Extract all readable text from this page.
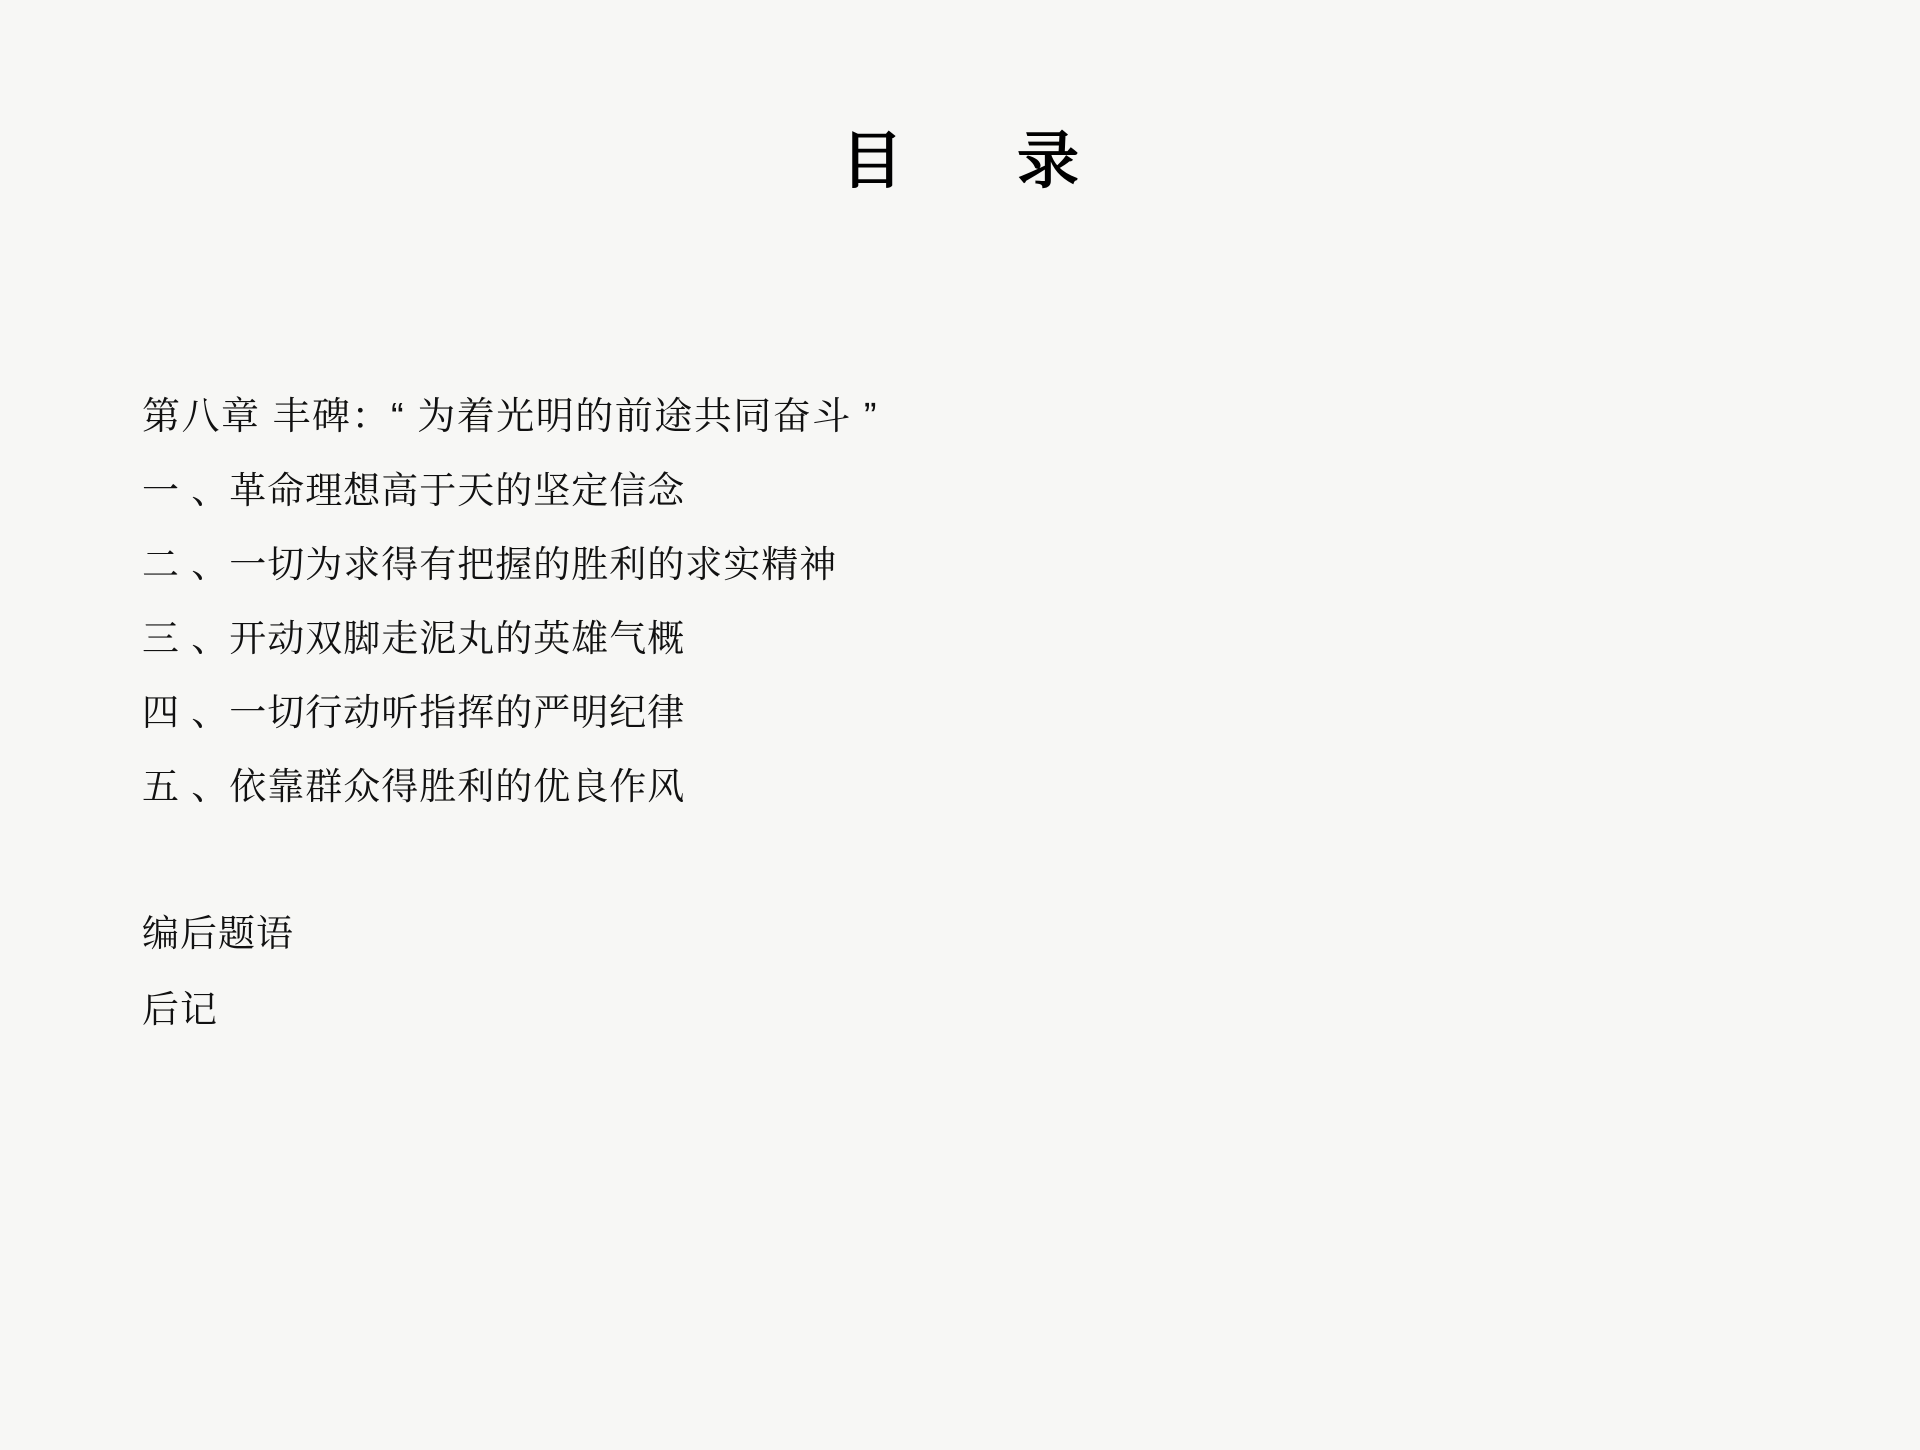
目　录
第八章 丰碑：“ 为着光明的前途共同奋斗 ”
一 、革命理想高于天的坚定信念
二 、一切为求得有把握的胜利的求实精神
三 、开动双脚走泥丸的英雄气概
四 、一切行动听指挥的严明纪律
五 、依靠群众得胜利的优良作风
编后题语
后记
